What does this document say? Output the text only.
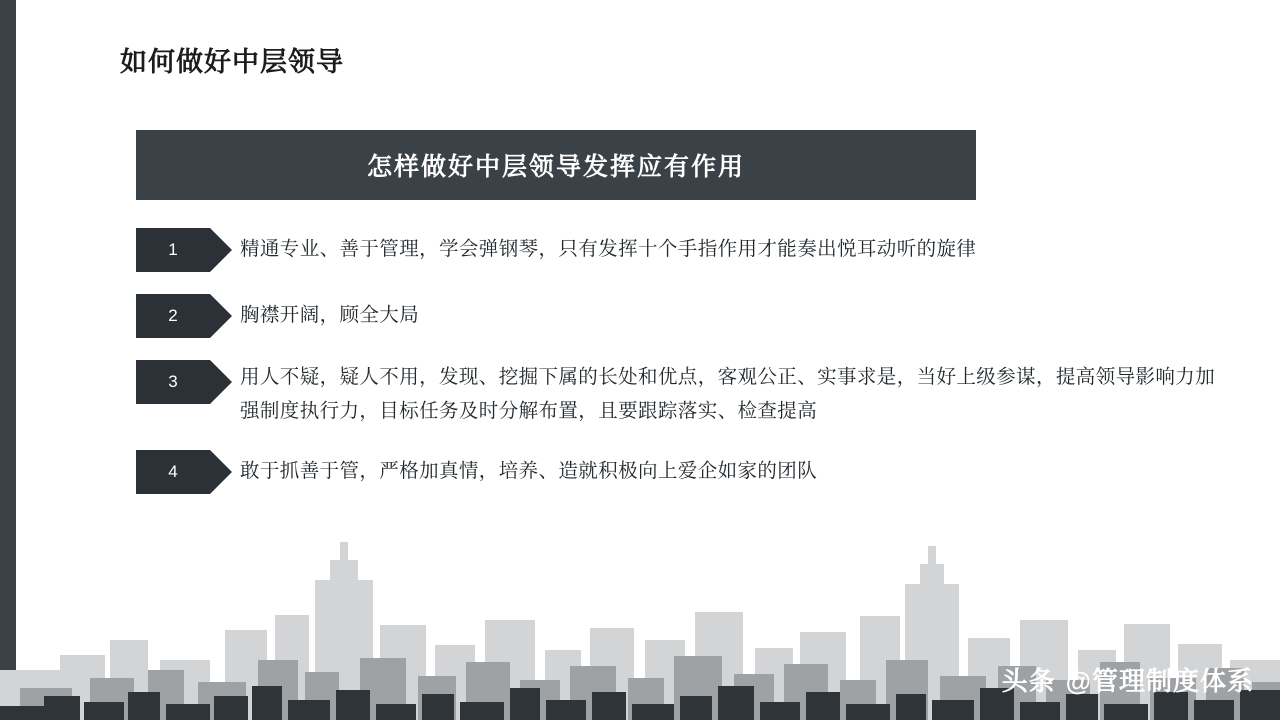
如何做好中层领导
怎样做好中层领导发挥应有作用
1	精通专业、善于管理，学会弹钢琴，只有发挥十个手指作用才能奏出悦耳动听的旋律
2	胸襟开阔，顾全大局
3	用人不疑，疑人不用，发现、挖掘下属的长处和优点，客观公正、实事求是，当好上级参谋，提高领导影响力加强制度执行力，目标任务及时分解布置，且要跟踪落实、检查提高
4	敢于抓善于管，严格加真情，培养、造就积极向上爱企如家的团队
头条 @管理制度体系
